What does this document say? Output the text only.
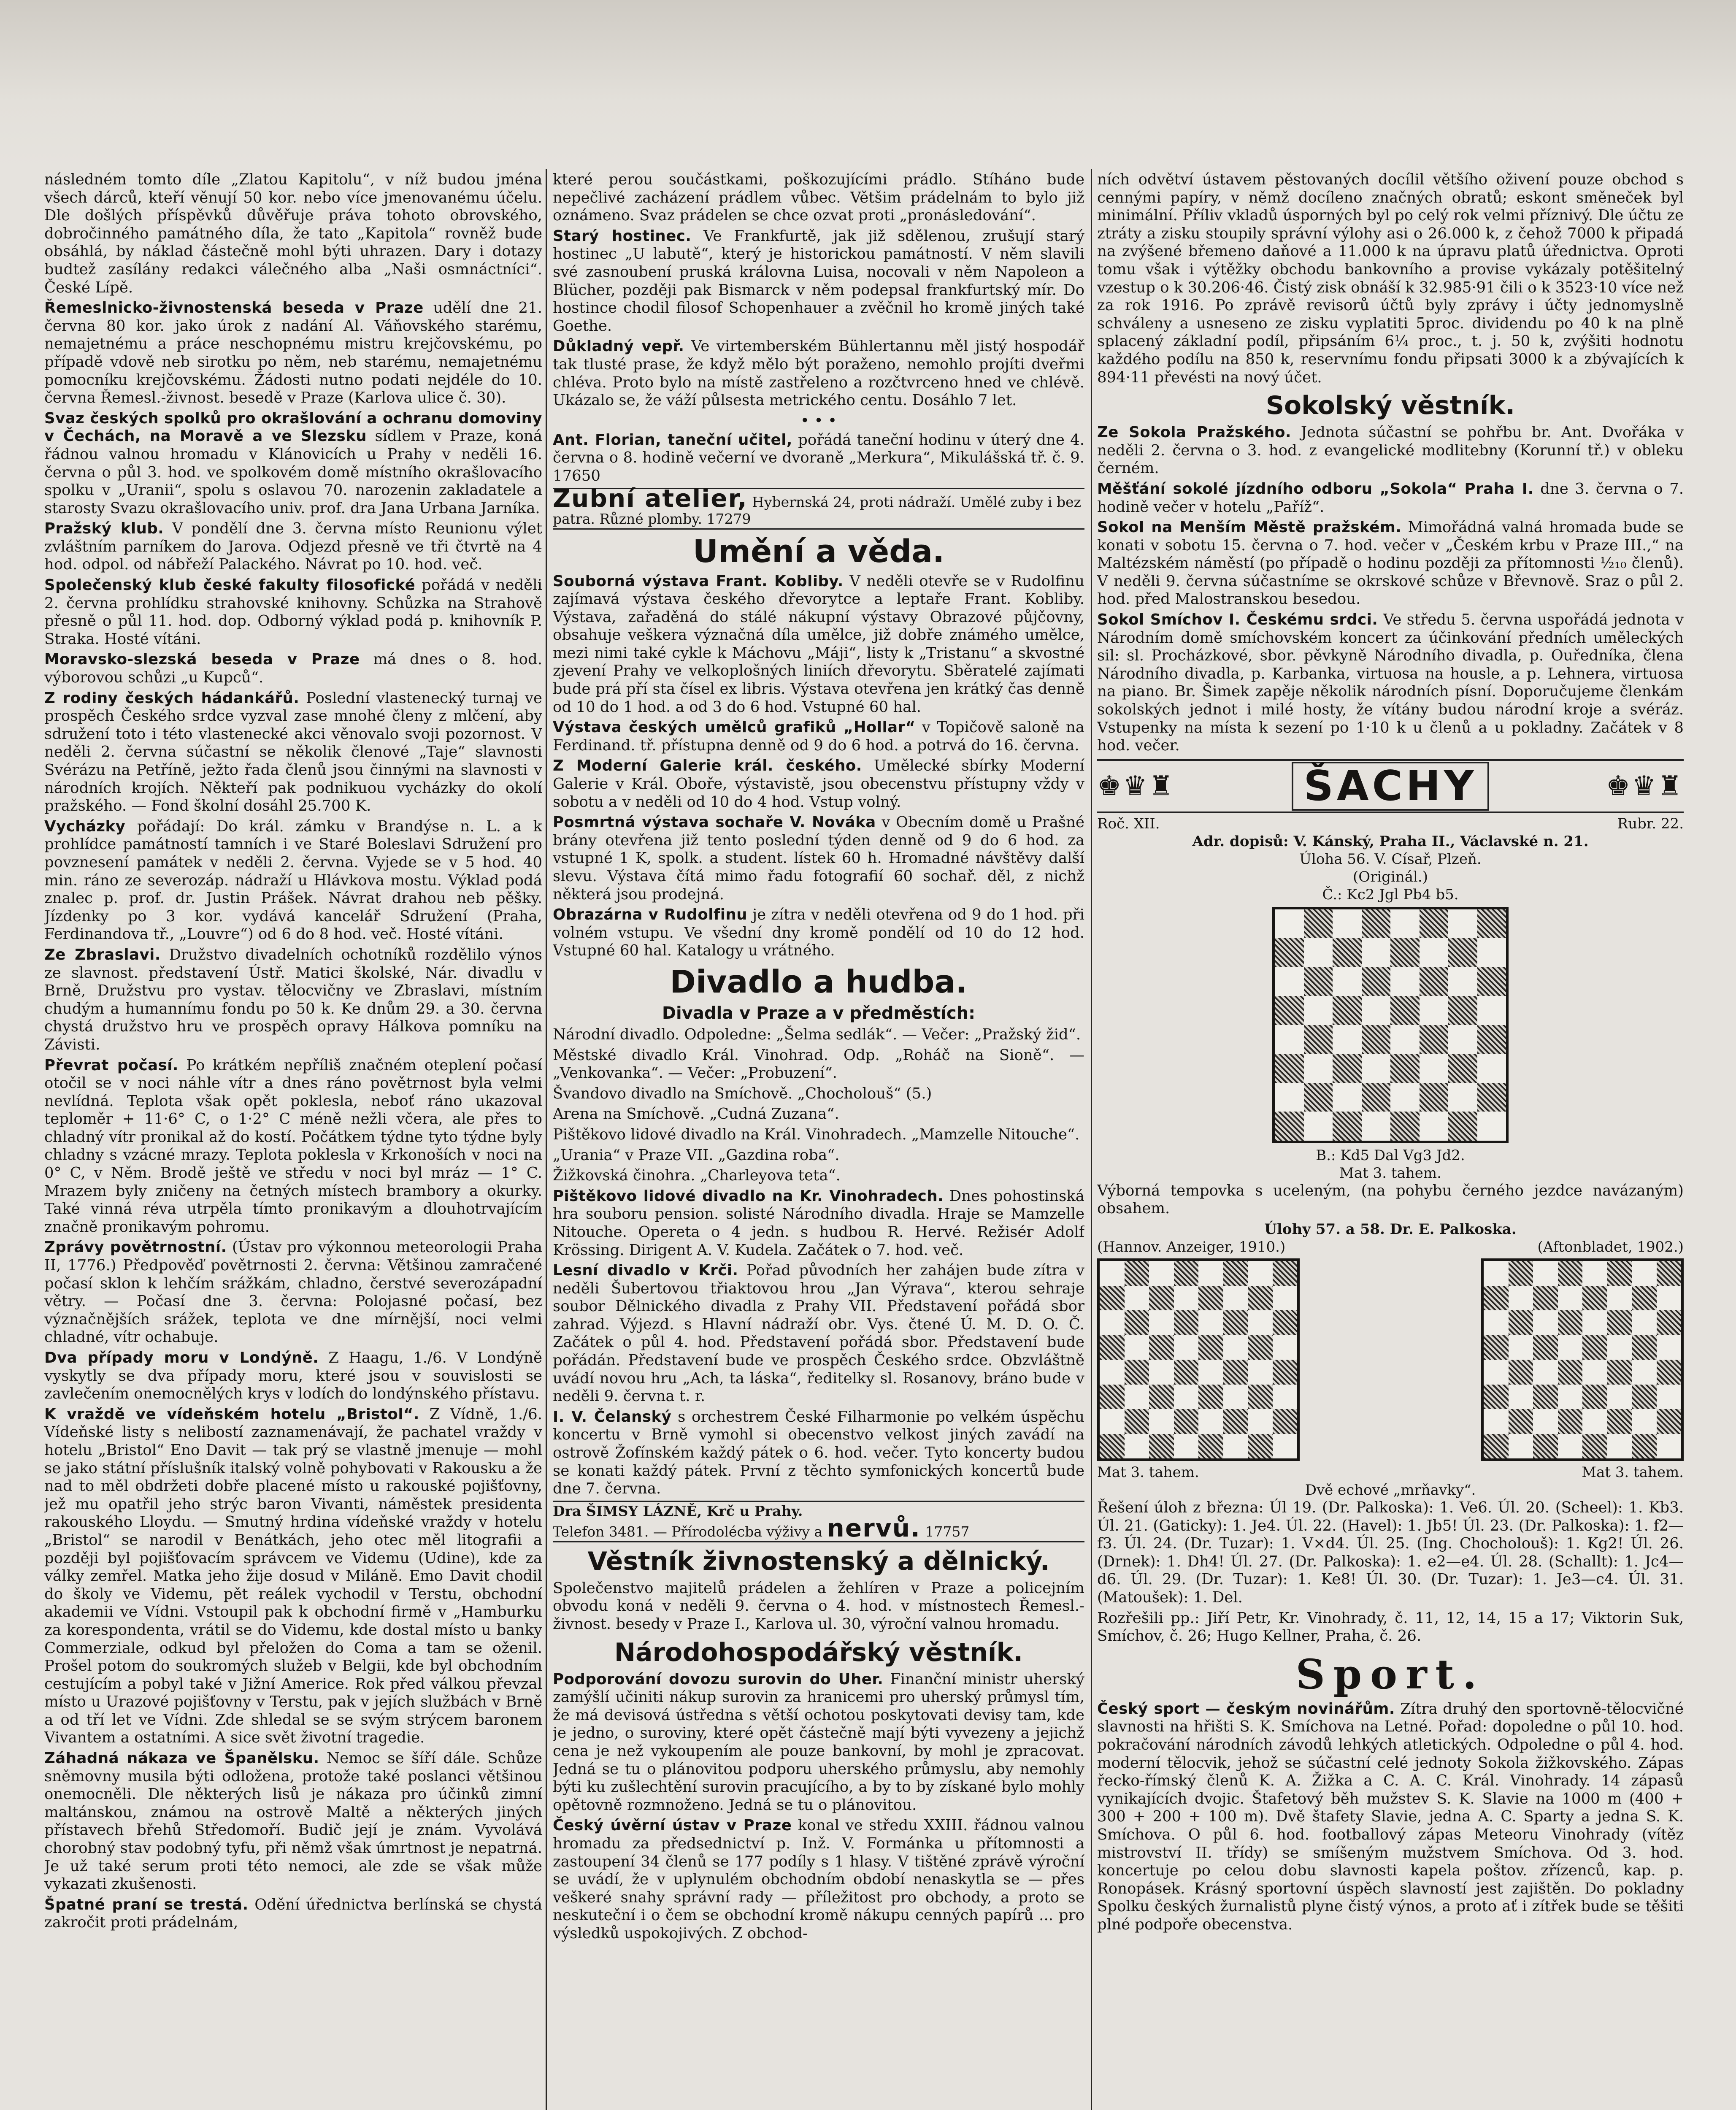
následném tomto díle „Zlatou Kapitolu“, v níž budou jména všech dárců, kteří věnují 50 kor. nebo více jmenovanému účelu. Dle došlých příspěvků důvěřuje práva tohoto obrovského, dobročinného památného díla, že tato „Kapitola“ rovněž bude obsáhlá, by náklad částečně mohl býti uhrazen. Dary i dotazy budtež zasílány redakci válečného alba „Naši osmnáctníci“. České Lípě.

Řemeslnicko-živnostenská beseda v Praze udělí dne 21. června 80 kor. jako úrok z nadání Al. Váňovského starému, nemajetnému a práce neschopnému mistru krejčovskému, po případě vdově neb sirotku po něm, neb starému, nemajetnému pomocníku krejčovskému. Žádosti nutno podati nejdéle do 10. června Řemesl.-živnost. besedě v Praze (Karlova ulice č. 30).

Svaz českých spolků pro okrašlování a ochranu domoviny v Čechách, na Moravě a ve Slezsku sídlem v Praze, koná řádnou valnou hromadu v Klánovicích u Prahy v neděli 16. června o půl 3. hod. ve spolkovém domě místního okrašlovacího spolku v „Uranii“, spolu s oslavou 70. narozenin zakladatele a starosty Svazu okrašlovacího univ. prof. dra Jana Urbana Jarníka.

Pražský klub. V pondělí dne 3. června místo Reunionu výlet zvláštním parníkem do Jarova. Odjezd přesně ve tři čtvrtě na 4 hod. odpol. od nábřeží Palackého. Návrat po 10. hod. več.

Společenský klub české fakulty filosofické pořádá v neděli 2. června prohlídku strahovské knihovny. Schůzka na Strahově přesně o půl 11. hod. dop. Odborný výklad podá p. knihovník P. Straka. Hosté vítáni.

Moravsko-slezská beseda v Praze má dnes o 8. hod. výborovou schůzi „u Kupců“.

Z rodiny českých hádankářů. Poslední vlastenecký turnaj ve prospěch Českého srdce vyzval zase mnohé členy z mlčení, aby sdružení toto i této vlastenecké akci věnovalo svoji pozornost. V neděli 2. června súčastní se několik členové „Taje“ slavnosti Svérázu na Petříně, ježto řada členů jsou činnými na slavnosti v národních krojích. Někteří pak podnikuou vycházky do okolí pražského. — Fond školní dosáhl 25.700 K.

Vycházky pořádají: Do král. zámku v Brandýse n. L. a k prohlídce památností tamních i ve Staré Boleslavi Sdružení pro povznesení památek v neděli 2. června. Vyjede se v 5 hod. 40 min. ráno ze severozáp. nádraží u Hlávkova mostu. Výklad podá znalec p. prof. dr. Justin Prášek. Návrat drahou neb pěšky. Jízdenky po 3 kor. vydává kancelář Sdružení (Praha, Ferdinandova tř., „Louvre“) od 6 do 8 hod. več. Hosté vítáni.

Ze Zbraslavi. Družstvo divadelních ochotníků rozdělilo výnos ze slavnost. představení Ústř. Matici školské, Nár. divadlu v Brně, Družstvu pro vystav. tělocvičny ve Zbraslavi, místním chudým a humannímu fondu po 50 k. Ke dnům 29. a 30. června chystá družstvo hru ve prospěch opravy Hálkova pomníku na Závisti.

Převrat počasí. Po krátkém nepříliš značném oteplení počasí otočil se v noci náhle vítr a dnes ráno povětrnost byla velmi nevlídná. Teplota však opět poklesla, neboť ráno ukazoval teploměr + 11·6° C, o 1·2° C méně nežli včera, ale přes to chladný vítr pronikal až do kostí. Počátkem týdne tyto týdne byly chladny s vzácné mrazy. Teplota poklesla v Krkonoších v noci na 0° C, v Něm. Brodě ještě ve středu v noci byl mráz — 1° C. Mrazem byly zničeny na četných místech brambory a okurky. Také vinná réva utrpěla tímto pronikavým a dlouhotrvajícím značně pronikavým pohromu.

Zprávy povětrnostní. (Ústav pro výkonnou meteorologii Praha II, 1776.) Předpověď povětrnosti 2. června: Většinou zamračené počasí sklon k lehčím srážkám, chladno, čerstvé severozápadní větry. — Počasí dne 3. června: Polojasné počasí, bez význačnějších srážek, teplota ve dne mírnější, noci velmi chladné, vítr ochabuje.

Dva případy moru v Londýně. Z Haagu, 1./6. V Londýně vyskytly se dva případy moru, které jsou v souvislosti se zavlečením onemocnělých krys v lodích do londýnského přístavu.

K vraždě ve vídeňském hotelu „Bristol“. Z Vídně, 1./6. Vídeňské listy s nelibostí zaznamenávají, že pachatel vraždy v hotelu „Bristol“ Eno Davit — tak prý se vlastně jmenuje — mohl se jako státní příslušník italský volně pohybovati v Rakousku a že nad to měl obdržeti dobře placené místo u rakouské pojišťovny, jež mu opatřil jeho strýc baron Vivanti, náměstek presidenta rakouského Lloydu. — Smutný hrdina vídeňské vraždy v hotelu „Bristol“ se narodil v Benátkách, jeho otec měl litografii a později byl pojišťovacím správcem ve Videmu (Udine), kde za války zemřel. Matka jeho žije dosud v Miláně. Emo Davit chodil do školy ve Videmu, pět reálek vychodil v Terstu, obchodní akademii ve Vídni. Vstoupil pak k obchodní firmě v „Hamburku za korespondenta, vrátil se do Videmu, kde dostal místo u banky Commerziale, odkud byl přeložen do Coma a tam se oženil. Prošel potom do soukromých služeb v Belgii, kde byl obchodním cestujícím a pobyl také v Jižní Americe. Rok před válkou převzal místo u Urazové pojišťovny v Terstu, pak v jejích službách v Brně a od tří let ve Vídni. Zde shledal se se svým strýcem baronem Vivantem a ostatními. A sice svět životní tragedie.

Záhadná nákaza ve Španělsku. Nemoc se šíří dále. Schůze sněmovny musila býti odložena, protože také poslanci většinou onemocněli. Dle některých lisů je nákaza pro účinků zimní maltánskou, známou na ostrově Maltě a některých jiných přístavech břehů Středomoří. Budič její je znám. Vyvolává chorobný stav podobný tyfu, při němž však úmrtnost je nepatrná. Je už také serum proti této nemoci, ale zde se však může vykazati zkušenosti.

Špatné praní se trestá. Odění úřednictva berlínská se chystá zakročit proti prádelnám,

které perou součástkami, poškozujícími prádlo. Stíháno bude nepečlivé zacházení prádlem vůbec. Většim prádelnám to bylo již oznámeno. Svaz prádelen se chce ozvat proti „pronásledování“.

Starý hostinec. Ve Frankfurtě, jak již sdělenou, zrušují starý hostinec „U labutě“, který je historickou památností. V něm slavili své zasnoubení pruská královna Luisa, nocovali v něm Napoleon a Blücher, později pak Bismarck v něm podepsal frankfurtský mír. Do hostince chodil filosof Schopenhauer a zvěčnil ho kromě jiných také Goethe.

Důkladný vepř. Ve virtemberském Bühlertannu měl jistý hospodář tak tlusté prase, že když mělo být poraženo, nemohlo projíti dveřmi chléva. Proto bylo na místě zastřeleno a rozčtvrceno hned ve chlévě. Ukázalo se, že váží půlsesta metrického centu. Dosáhlo 7 let.

• • •

Ant. Florian, taneční učitel, pořádá taneční hodinu v úterý dne 4. června o 8. hodině večerní ve dvoraně „Merkura“, Mikulášská tř. č. 9. 17650

Zubní atelier, Hybernská 24, proti nádraží. Umělé zuby i bez patra. Různé plomby. 17279
Umění a věda.

Souborná výstava Frant. Kobliby. V neděli otevře se v Rudolfinu zajímavá výstava českého dřevorytce a leptaře Frant. Kobliby. Výstava, zařaděná do stálé nákupní výstavy Obrazové půjčovny, obsahuje veškera význačná díla umělce, již dobře známého umělce, mezi nimi také cykle k Máchovu „Máji“, listy k „Tristanu“ a skvostné zjevení Prahy ve velkoplošných liniích dřevorytu. Sběratelé zajímati bude prá pří sta čísel ex libris. Výstava otevřena jen krátký čas denně od 10 do 1 hod. a od 3 do 6 hod. Vstupné 60 hal.

Výstava českých umělců grafiků „Hollar“ v Topičově saloně na Ferdinand. tř. přístupna denně od 9 do 6 hod. a potrvá do 16. června.

Z Moderní Galerie král. českého. Umělecké sbírky Moderní Galerie v Král. Oboře, výstavistě, jsou obecenstvu přístupny vždy v sobotu a v neděli od 10 do 4 hod. Vstup volný.

Posmrtná výstava sochaře V. Nováka v Obecním domě u Prašné brány otevřena již tento poslední týden denně od 9 do 6 hod. za vstupné 1 K, spolk. a student. lístek 60 h. Hromadné návštěvy další slevu. Výstava čítá mimo řadu fotografií 60 sochař. děl, z nichž některá jsou prodejná.

Obrazárna v Rudolfinu je zítra v neděli otevřena od 9 do 1 hod. při volném vstupu. Ve všední dny kromě pondělí od 10 do 12 hod. Vstupné 60 hal. Katalogy u vrátného.

Divadlo a hudba.
Divadla v Praze a v předměstích:

Národní divadlo. Odpoledne: „Šelma sedlák“. — Večer: „Pražský žid“.

Městské divadlo Král. Vinohrad. Odp. „Roháč na Sioně“. — „Venkovanka“. — Večer: „Probuzení“.

Švandovo divadlo na Smíchově. „Chocholouš“ (5.)

Arena na Smíchově. „Cudná Zuzana“.

Pištěkovo lidové divadlo na Král. Vinohradech. „Mamzelle Nitouche“.

„Urania“ v Praze VII. „Gazdina roba“.

Žižkovská činohra. „Charleyova teta“.

Pištěkovo lidové divadlo na Kr. Vinohradech. Dnes pohostinská hra souboru pension. solisté Národního divadla. Hraje se Mamzelle Nitouche. Opereta o 4 jedn. s hudbou R. Hervé. Režisér Adolf Krössing. Dirigent A. V. Kudela. Začátek o 7. hod. več.

Lesní divadlo v Krči. Pořad původních her zahájen bude zítra v neděli Šubertovou třiaktovou hrou „Jan Výrava“, kterou sehraje soubor Dělnického divadla z Prahy VII. Představení pořádá sbor zahrad. Výjezd. s Hlavní nádraží obr. Vys. čtené Ú. M. D. O. Č. Začátek o půl 4. hod. Představení pořádá sbor. Představení bude pořádán. Představení bude ve prospěch Českého srdce. Obzvláštně uvádí novou hru „Ach, ta láska“, ředitelky sl. Rosanovy, bráno bude v neděli 9. června t. r.

I. V. Čelanský s orchestrem České Filharmonie po velkém úspěchu koncertu v Brně vymohl si obecenstvo velkost jiných zavádí na ostrově Žofínském každý pátek o 6. hod. večer. Tyto koncerty budou se konati každý pátek. První z těchto symfonických koncertů bude dne 7. června.

Dra ŠIMSY LÁZNĚ, Krč u Prahy.
Telefon 3481. — Přírodolécba výživy a nervů. 17757
Věstník živnostenský a dělnický.

Společenstvo majitelů prádelen a žehlíren v Praze a policejním obvodu koná v neděli 9. června o 4. hod. v místnostech Řemesl.-živnost. besedy v Praze I., Karlova ul. 30, výroční valnou hromadu.

Národohospodářský věstník.

Podporování dovozu surovin do Uher. Finanční ministr uherský zamýšlí učiniti nákup surovin za hranicemi pro uherský průmysl tím, že má devisová ústředna s větší ochotou poskytovati devisy tam, kde je jedno, o suroviny, které opět částečně mají býti vyvezeny a jejichž cena je než vykoupením ale pouze bankovní, by mohl je zpracovat. Jedná se tu o plánovitou podporu uherského průmyslu, aby nemohly býti ku zušlechtění surovin pracujícího, a by to by získané bylo mohly opětovně rozmnoženo. Jedná se tu o plánovitou.

Český úvěrní ústav v Praze konal ve středu XXIII. řádnou valnou hromadu za předsednictví p. Inž. V. Formánka u přítomnosti a zastoupení 34 členů se 177 podíly s 1 hlasy. V tištěné zprávě výroční se uvádí, že v uplynulém obchodním období nenaskytla se — přes veškeré snahy správní rady — příležitost pro obchody, a proto se neskuteční i o čem se obchodní kromě nákupu cenných papírů ... pro výsledků uspokojivých. Z obchod-

ních odvětví ústavem pěstovaných docílil většího oživení pouze obchod s cennými papíry, v němž docíleno značných obratů; eskont směneček byl minimální. Příliv vkladů úsporných byl po celý rok velmi příznivý. Dle účtu ze ztráty a zisku stoupily správní výlohy asi o 26.000 k, z čehož 7000 k připadá na zvýšené břemeno daňové a 11.000 k na úpravu platů úřednictva. Oproti tomu však i výtěžky obchodu bankovního a provise vykázaly potěšitelný vzestup o k 30.206·46. Čistý zisk obnáší k 32.985·91 čili o k 3523·10 více než za rok 1916. Po zprávě revisorů účtů byly zprávy i účty jednomyslně schváleny a usneseno ze zisku vyplatiti 5proc. dividendu po 40 k na plně splacený základní podíl, připsáním 6¼ proc., t. j. 50 k, zvýšiti hodnotu každého podílu na 850 k, reservnímu fondu připsati 3000 k a zbývajících k 894·11 převésti na nový účet.

Sokolský věstník.

Ze Sokola Pražského. Jednota súčastní se pohřbu br. Ant. Dvořáka v neděli 2. června o 3. hod. z evangelické modlitebny (Korunní tř.) v obleku černém.

Měšťání sokolé jízdního odboru „Sokola“ Praha I. dne 3. června o 7. hodině večer v hotelu „Paříž“.

Sokol na Menším Městě pražském. Mimořádná valná hromada bude se konati v sobotu 15. června o 7. hod. večer v „Českém krbu v Praze III.,“ na Maltézském náměstí (po případě o hodinu později za přítomnosti ½₁₀ členů). V neděli 9. června súčastníme se okrskové schůze v Břevnově. Sraz o půl 2. hod. před Malostranskou besedou.

Sokol Smíchov I. Českému srdci. Ve středu 5. června uspořádá jednota v Národním domě smíchovském koncert za účinkování předních uměleckých sil: sl. Procházkové, sbor. pěvkyně Národního divadla, p. Ouředníka, člena Národního divadla, p. Karbanka, virtuosa na housle, a p. Lehnera, virtuosa na piano. Br. Šimek zapěje několik národních písní. Doporučujeme členkám sokolských jednot i milé hosty, že vítány budou národní kroje a svéráz. Vstupenky na místa k sezení po 1·10 k u členů a u pokladny. Začátek v 8 hod. večer.

♚♛♜	ŠACHY	♚♛♜
Roč. XII.	Rubr. 22.
Adr. dopisů: V. Kánský, Praha II., Václavské n. 21.
Úloha 56. V. Císař, Plzeň.
(Originál.)
Č.: Kc2 Jgl Pb4 b5.
B.: Kd5 Dal Vg3 Jd2.
Mat 3. tahem.

Výborná tempovka s uceleným, (na pohybu černého jezdce navázaným) obsahem.

Úlohy 57. a 58. Dr. E. Palkoska.
(Hannov. Anzeiger, 1910.)	(Aftonbladet, 1902.)
Mat 3. tahem.	Mat 3. tahem.
Dvě echové „mrňavky“.

Řešení úloh z března: Úl 19. (Dr. Palkoska): 1. Ve6. Úl. 20. (Scheel): 1. Kb3. Úl. 21. (Gaticky): 1. Je4. Úl. 22. (Havel): 1. Jb5! Úl. 23. (Dr. Palkoska): 1. f2—f3. Úl. 24. (Dr. Tuzar): 1. V×d4. Úl. 25. (Ing. Chocholouš): 1. Kg2! Úl. 26. (Drnek): 1. Dh4! Úl. 27. (Dr. Palkoska): 1. e2—e4. Úl. 28. (Schallt): 1. Jc4—d6. Úl. 29. (Dr. Tuzar): 1. Ke8! Úl. 30. (Dr. Tuzar): 1. Je3—c4. Úl. 31. (Matoušek): 1. Del.

Rozřešili pp.: Jiří Petr, Kr. Vinohrady, č. 11, 12, 14, 15 a 17; Viktorin Suk, Smíchov, č. 26; Hugo Kellner, Praha, č. 26.

Sport.

Český sport — českým novinářům. Zítra druhý den sportovně-tělocvičné slavnosti na hřišti S. K. Smíchova na Letné. Pořad: dopoledne o půl 10. hod. pokračování národních závodů lehkých atletických. Odpoledne o půl 4. hod. moderní tělocvik, jehož se súčastní celé jednoty Sokola žižkovského. Zápas řecko-římský členů K. A. Žižka a C. A. C. Král. Vinohrady. 14 zápasů vynikajících dvojic. Štafetový běh mužstev S. K. Slavie na 1000 m (400 + 300 + 200 + 100 m). Dvě štafety Slavie, jedna A. C. Sparty a jedna S. K. Smíchova. O půl 6. hod. footballový zápas Meteoru Vinohrady (vítěz mistrovství II. třídy) se smíšeným mužstvem Smíchova. Od 3. hod. koncertuje po celou dobu slavnosti kapela poštov. zřízenců, kap. p. Ronopásek. Krásný sportovní úspěch slavností jest zajištěn. Do pokladny Spolku českých žurnalistů plyne čistý výnos, a proto ať i zítřek bude se těšiti plné podpoře obecenstva.
